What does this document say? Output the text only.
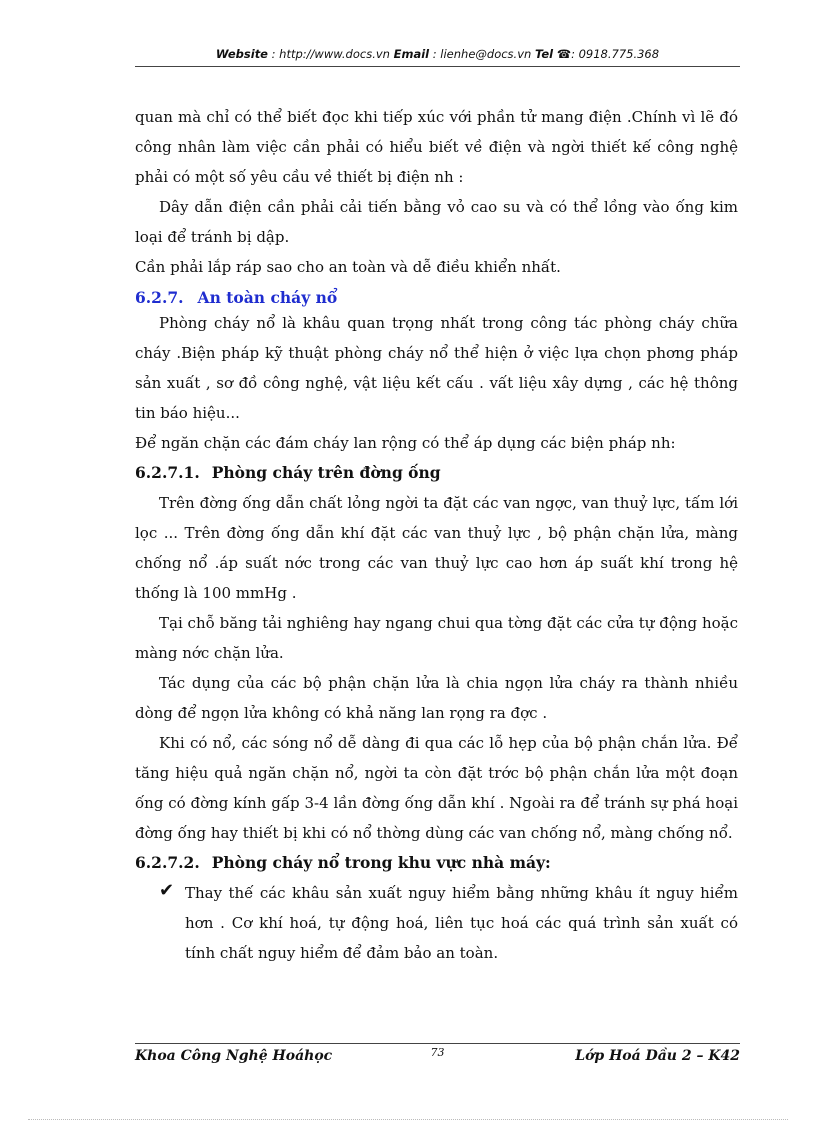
Website : http://www.docs.vn Email : lienhe@docs.vn Tel ☎: 0918.775.368

quan mà chỉ có thể biết đọc khi tiếp xúc với phần tử mang điện .Chính vì lẽ đó công nhân làm việc cần phải có hiểu biết về điện và ngời thiết kế công nghệ phải có một số yêu cầu về thiết bị điện nh :

Dây dẫn điện cần phải cải tiến bằng vỏ cao su và có thể lồng vào ống kim loại để tránh bị dập.

Cần phải lắp ráp sao cho an toàn và dễ điều khiển nhất.

6.2.7. An toàn cháy nổ

Phòng cháy nổ là khâu quan trọng nhất trong công tác phòng cháy chữa cháy .Biện pháp kỹ thuật phòng cháy nổ thể hiện ở việc lựa chọn phơng pháp sản xuất , sơ đồ công nghệ, vật liệu kết cấu . vất liệu xây dựng , các hệ thông tin báo hiệu...

Để ngăn chặn các đám cháy lan rộng có thể áp dụng các biện pháp nh:

6.2.7.1. Phòng cháy trên đờng ống

Trên đờng ống dẫn chất lỏng ngời ta đặt các van ngợc, van thuỷ lực, tấm lới lọc ... Trên đờng ống dẫn khí đặt các van thuỷ lực , bộ phận chặn lửa, màng chống nổ .áp suất nớc trong các van thuỷ lực cao hơn áp suất khí trong hệ thống là 100 mmHg .

Tại chỗ băng tải nghiêng hay ngang chui qua tờng đặt các cửa tự động hoặc màng nớc chặn lửa.

Tác dụng của các bộ phận chặn lửa là chia ngọn lửa cháy ra thành nhiều dòng để ngọn lửa không có khả năng lan rọng ra đợc .

Khi có nổ, các sóng nổ dễ dàng đi qua các lỗ hẹp của bộ phận chắn lửa. Để tăng hiệu quả ngăn chặn nổ, ngời ta còn đặt trớc bộ phận chắn lửa một đoạn ống có đờng kính gấp 3-4 lần đờng ống dẫn khí . Ngoài ra để tránh sự phá hoại đờng ống hay thiết bị khi có nổ thờng dùng các van chống nổ, màng chống nổ.

6.2.7.2. Phòng cháy nổ trong khu vực nhà máy:
✔ Thay thế các khâu sản xuất nguy hiểm bằng những khâu ít nguy hiểm hơn . Cơ khí hoá, tự động hoá, liên tục hoá các quá trình sản xuất có tính chất nguy hiểm để đảm bảo an toàn.

Khoa Công Nghệ Hoáhọc	73	Lớp Hoá Dầu 2 – K42
